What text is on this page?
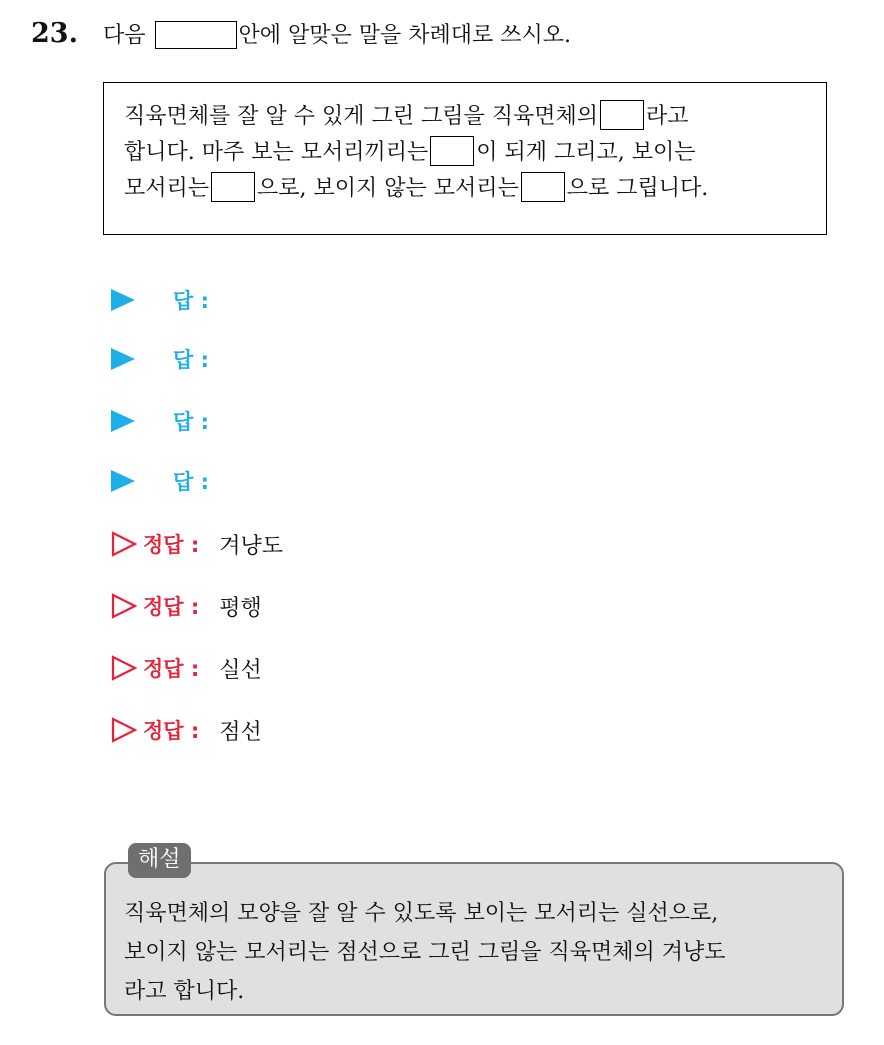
23. 다음	안에 알맞은 말을 차례대로 쓰시오.
직육면체를 잘 알 수 있게 그린 그림을 직육면체의 라고
합니다. 마주 보는 모서리끼리는 이 되게 그리고, 보이는
모서리는 으로, 보이지 않는 모서리는 으로 그립니다.
답 :
답 :
답 :
답 :
정답 : 겨냥도
정답 : 평행
정답 : 실선
정답 : 점선
직육면체의 모양을 잘 알 수 있도록 보이는 모서리는 실선으로,
보이지 않는 모서리는 점선으로 그린 그림을 직육면체의 겨냥도
라고 합니다.
해설
